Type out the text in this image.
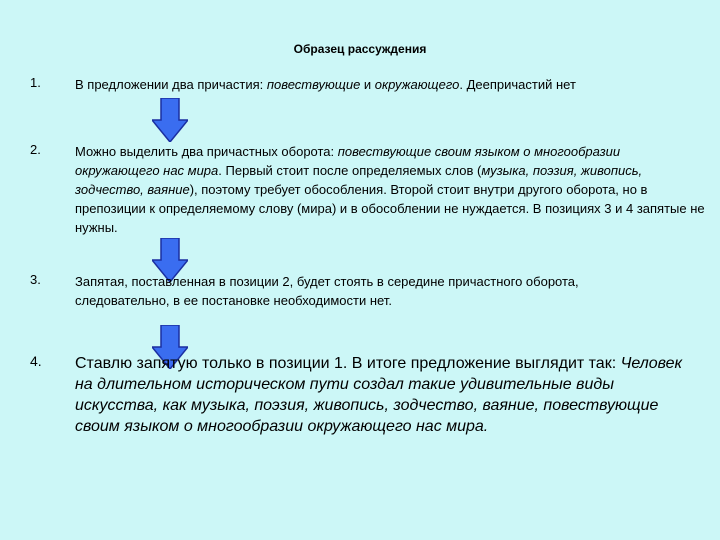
Образец рассуждения
1.	В предложении два причастия: повествующие и окружающего. Деепричастий нет
2.	Можно выделить два причастных оборота: повествующие своим языком о многообразии окружающего нас мира. Первый стоит после определяемых слов (музыка, поэзия, живопись, зодчество, ваяние), поэтому требует обособления. Второй стоит внутри другого оборота, но в препозиции к определяемому слову (мира) и в обособлении не нуждается. В позициях 3 и 4 запятые не нужны.
3.	Запятая, поставленная в позиции 2, будет стоять в середине причастного оборота, следовательно, в ее постановке необходимости нет.
4. Ставлю запятую только в позиции 1. В итоге предложение выглядит так: Человек на длительном историческом пути создал такие удивительные виды искусства, как музыка, поэзия, живопись, зодчество, ваяние, повествующие своим языком о многообразии окружающего нас мира.
